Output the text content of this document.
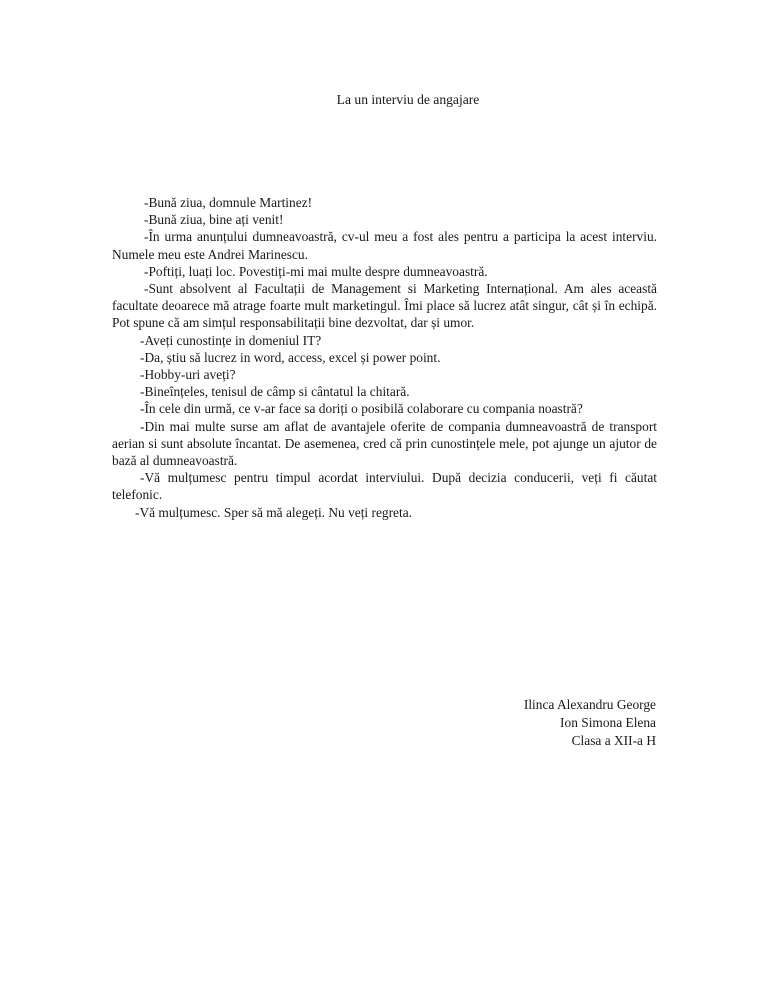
La un interviu de angajare

-Bună ziua, domnule Martinez!

-Bună ziua, bine ați venit!

-În urma anunțului dumneavoastră, cv-ul meu a fost ales pentru a participa la acest interviu. Numele meu este Andrei Marinescu.

-Poftiți, luați loc. Povestiți-mi mai multe despre dumneavoastră.

-Sunt absolvent al Facultații de Management si Marketing Internațional. Am ales această facultate deoarece mă atrage foarte mult marketingul. Îmi place să lucrez atât singur, cât și în echipă. Pot spune că am simțul responsabilitații bine dezvoltat, dar și umor.

-Aveți cunostințe in domeniul IT?

-Da, știu să lucrez in word, access, excel și power point.

-Hobby-uri aveți?

-Bineînțeles, tenisul de câmp si cântatul la chitară.

-În cele din urmă, ce v-ar face sa doriți o posibilă colaborare cu compania noastră?

-Din mai multe surse am aflat de avantajele oferite de compania dumneavoastră de transport aerian si sunt absolute încantat. De asemenea, cred că prin cunostințele mele, pot ajunge un ajutor de bază al dumneavoastră.

-Vă mulțumesc pentru timpul acordat interviului. După decizia conducerii, veți fi căutat telefonic.

-Vă mulțumesc. Sper să mă alegeți. Nu veți regreta.

Ilinca Alexandru George
Ion Simona Elena
Clasa a XII-a H
